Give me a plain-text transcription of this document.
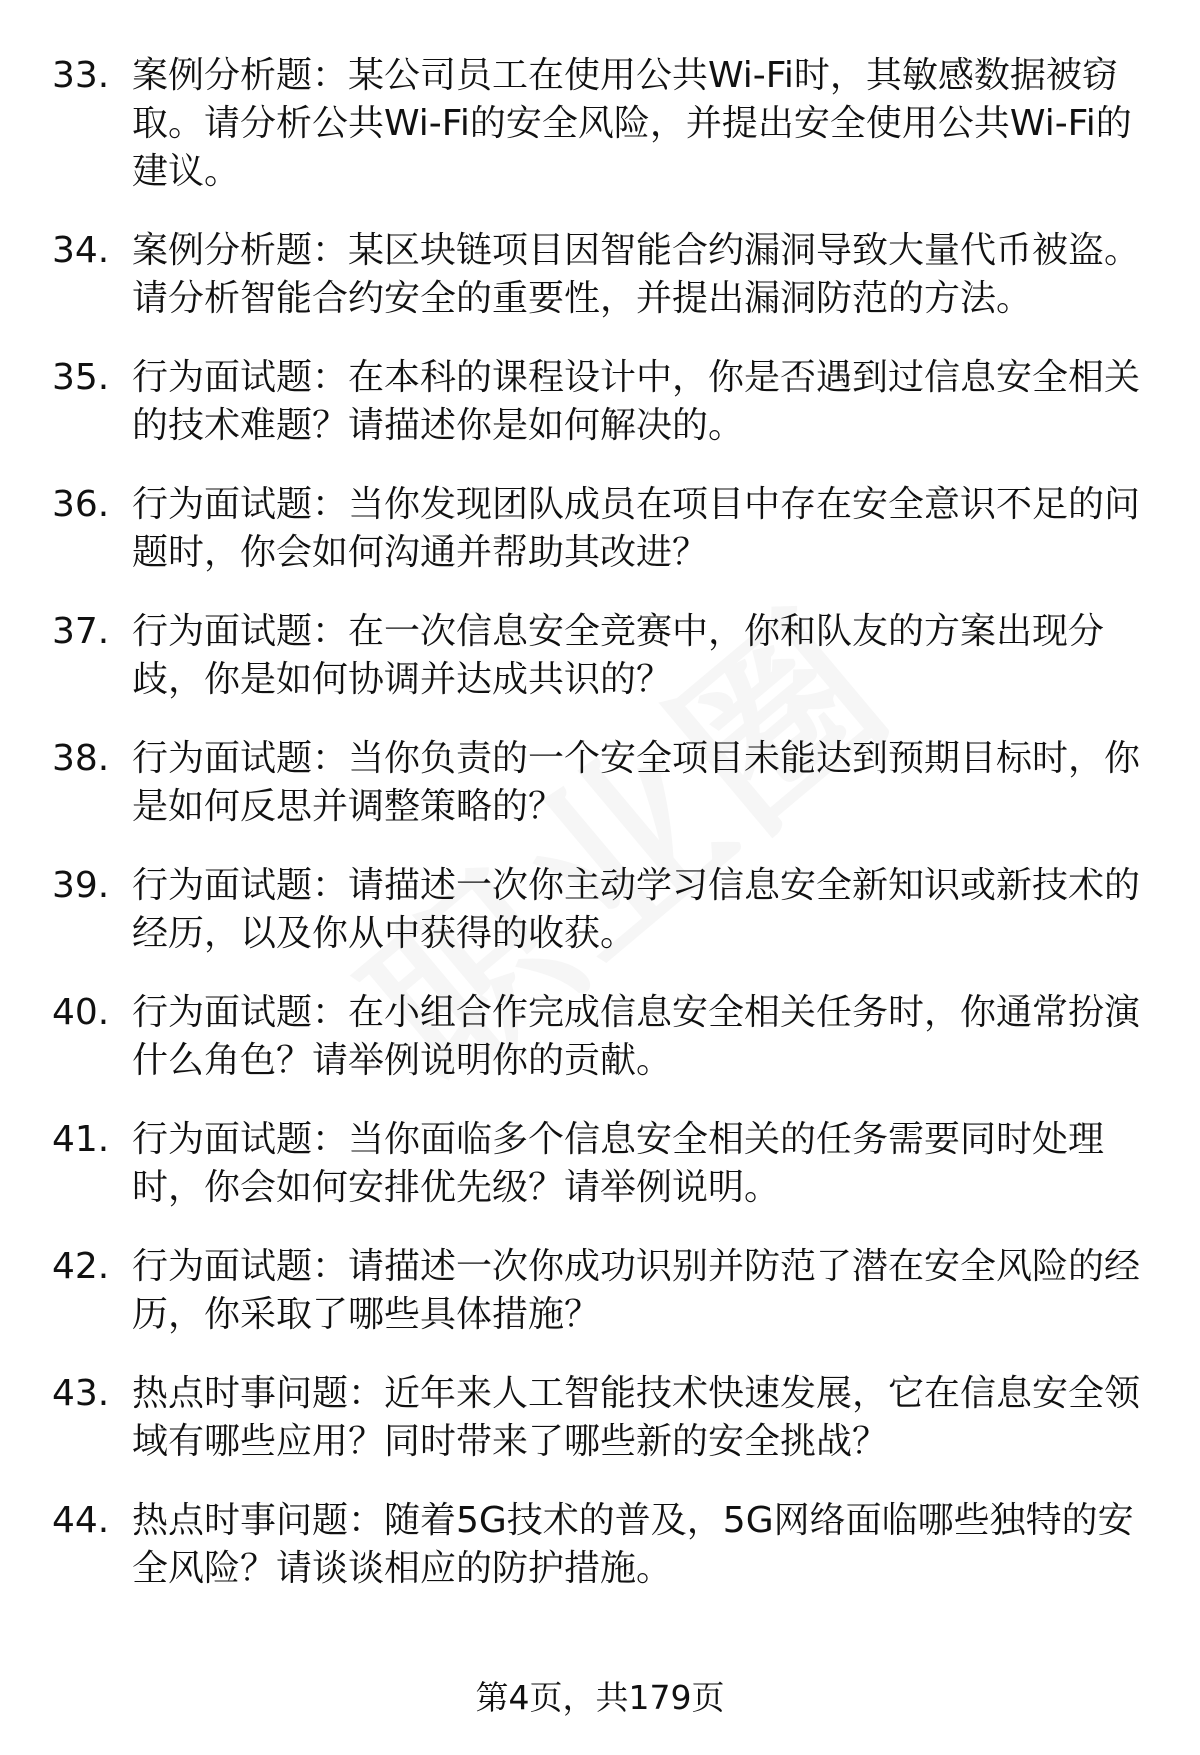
33. 案例分析题：某公司员工在使用公共Wi-Fi时，其敏感数据被窃取。请分析公共Wi-Fi的安全风险，并提出安全使用公共Wi-Fi的建议。
34. 案例分析题：某区块链项目因智能合约漏洞导致大量代币被盗。请分析智能合约安全的重要性，并提出漏洞防范的方法。
35. 行为面试题：在本科的课程设计中，你是否遇到过信息安全相关的技术难题？请描述你是如何解决的。
36. 行为面试题：当你发现团队成员在项目中存在安全意识不足的问题时，你会如何沟通并帮助其改进？
37. 行为面试题：在一次信息安全竞赛中，你和队友的方案出现分歧，你是如何协调并达成共识的？
38. 行为面试题：当你负责的一个安全项目未能达到预期目标时，你是如何反思并调整策略的？
39. 行为面试题：请描述一次你主动学习信息安全新知识或新技术的经历，以及你从中获得的收获。
40. 行为面试题：在小组合作完成信息安全相关任务时，你通常扮演什么角色？请举例说明你的贡献。
41. 行为面试题：当你面临多个信息安全相关的任务需要同时处理时，你会如何安排优先级？请举例说明。
42. 行为面试题：请描述一次你成功识别并防范了潜在安全风险的经历，你采取了哪些具体措施？
43. 热点时事问题：近年来人工智能技术快速发展，它在信息安全领域有哪些应用？同时带来了哪些新的安全挑战？
44. 热点时事问题：随着5G技术的普及，5G网络面临哪些独特的安全风险？请谈谈相应的防护措施。
第4页，共179页
